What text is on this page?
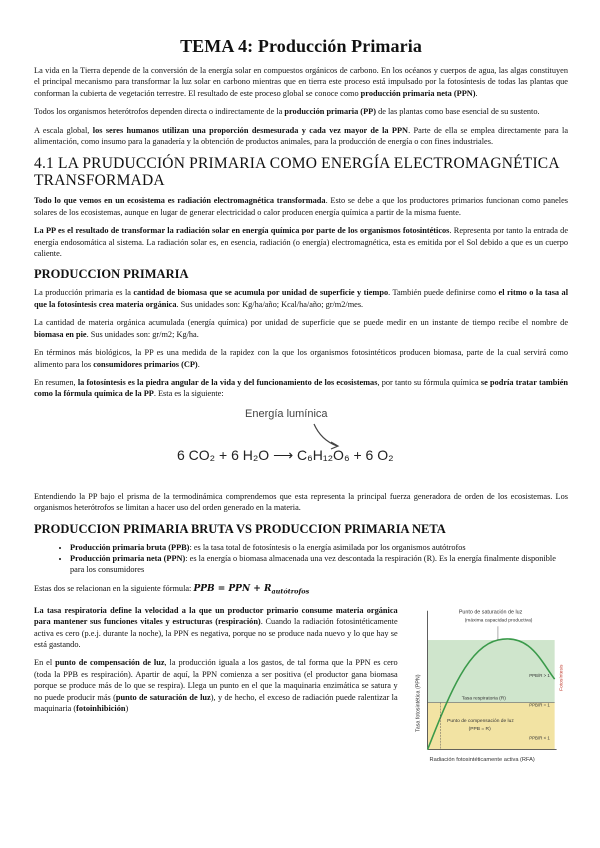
TEMA 4: Producción Primaria

La vida en la Tierra depende de la conversión de la energía solar en compuestos orgánicos de carbono. En los océanos y cuerpos de agua, las algas constituyen el principal mecanismo para transformar la luz solar en carbono mientras que en tierra este proceso está impulsado por la fotosíntesis de todas las plantas que conforman la cubierta de vegetación terrestre. El resultado de este proceso global se conoce como producción primaria neta (PPN).

Todos los organismos heterótrofos dependen directa o indirectamente de la producción primaria (PP) de las plantas como base esencial de su sustento.

A escala global, los seres humanos utilizan una proporción desmesurada y cada vez mayor de la PPN. Parte de ella se emplea directamente para la alimentación, como insumo para la ganadería y la obtención de productos animales, para la producción de energía o con fines industriales.

4.1 LA PRUDUCCIÓN PRIMARIA COMO ENERGÍA ELECTROMAGNÉTICA TRANSFORMADA

Todo lo que vemos en un ecosistema es radiación electromagnética transformada. Esto se debe a que los productores primarios funcionan como paneles solares de los ecosistemas, aunque en lugar de generar electricidad o calor producen energía química a partir de la misma fuente.

La PP es el resultado de transformar la radiación solar en energía química por parte de los organismos fotosintéticos. Representa por tanto la entrada de energía endosomática al sistema. La radiación solar es, en esencia, radiación (o energía) electromagnética, esta es emitida por el Sol debido a que es un cuerpo caliente.

PRODUCCION PRIMARIA

La producción primaria es la cantidad de biomasa que se acumula por unidad de superficie y tiempo. También puede definirse como el ritmo o la tasa al que la fotosíntesis crea materia orgánica. Sus unidades son: Kg/ha/año; Kcal/ha/año; gr/m2/mes.

La cantidad de materia orgánica acumulada (energía química) por unidad de superficie que se puede medir en un instante de tiempo recibe el nombre de biomasa en pie. Sus unidades son: gr/m2; Kg/ha.

En términos más biológicos, la PP es una medida de la rapidez con la que los organismos fotosintéticos producen biomasa, parte de la cual servirá como alimento para los consumidores primarios (CP).

En resumen, la fotosíntesis es la piedra angular de la vida y del funcionamiento de los ecosistemas, por tanto su fórmula química se podría tratar también como la fórmula química de la PP. Esta es la siguiente:

Energía lumínica
6 CO₂ + 6 H₂O ⟶ C₆H₁₂O₆ + 6 O₂

Entendiendo la PP bajo el prisma de la termodinámica comprendemos que esta representa la principal fuerza generadora de orden de los ecosistemas. Los organismos heterótrofos se limitan a hacer uso del orden generado en la materia.

PRODUCCION PRIMARIA BRUTA VS PRODUCCION PRIMARIA NETA
• Producción primaria bruta (PPB): es la tasa total de fotosíntesis o la energía asimilada por los organismos autótrofos
• Producción primaria neta (PPN): es la energía o biomasa almacenada una vez descontada la respiración (R). Es la energía finalmente disponible para los consumidores

Estas dos se relacionan en la siguiente fórmula: PPB = PPN + $R_{autótrofos}$

La tasa respiratoria define la velocidad a la que un productor primario consume materia orgánica para mantener sus funciones vitales y estructuras (respiración). Cuando la radiación fotosintéticamente activa es cero (p.e.j. durante la noche), la PPN es negativa, porque no se produce nada nuevo y lo que hay se está gastando.

En el punto de compensación de luz, la producción iguala a los gastos, de tal forma que la PPN es cero (toda la PPB es respiración). Apartir de aquí, la PPN comienza a ser positiva (el productor gana biomasa porque se produce más de lo que se respira). Llega un punto en el que la maquinaria enzimática se satura y no puede producir más (punto de saturación de luz), y de hecho, el exceso de radiación puede ralentizar la maquinaria (fotoinhibición)

Punto de saturación de luz
(máxima capacidad productiva)
Tasa respiratoria (R)
Punto de compensación de luz
(PPB = R)
PPB/R > 1
PPB/R = 1
PPB/R < 1
Tasa fotosintética (PPN)	Fotosíntesis
Radiación fotosintéticamente activa (RFA)
